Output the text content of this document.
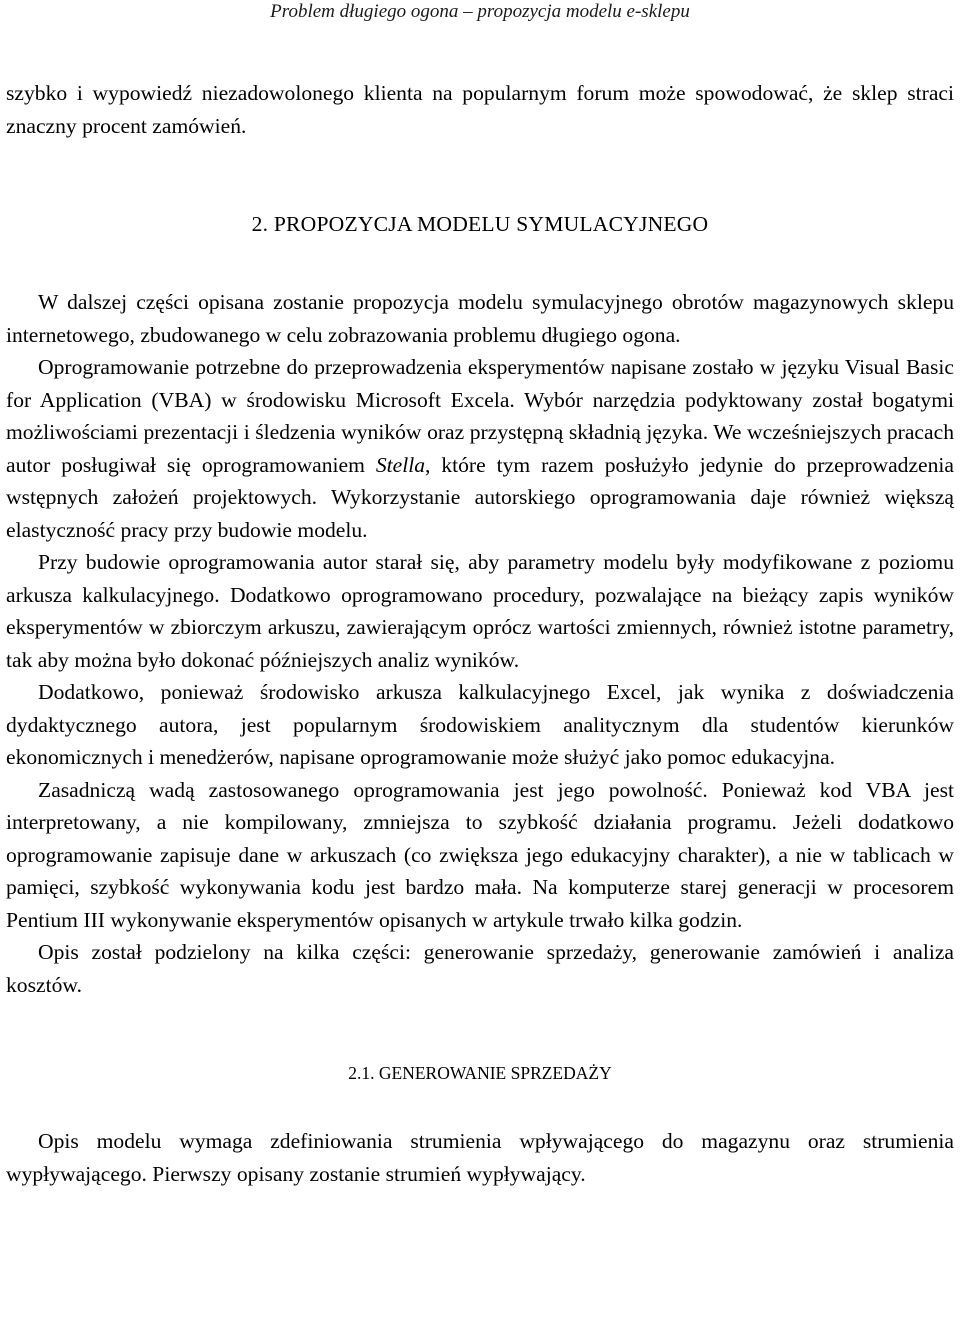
Problem długiego ogona – propozycja modelu e-sklepu

szybko i wypowiedź niezadowolonego klienta na popularnym forum może spowodować, że sklep straci znaczny procent zamówień.

2. PROPOZYCJA MODELU SYMULACYJNEGO

W dalszej części opisana zostanie propozycja modelu symulacyjnego obrotów magazynowych sklepu internetowego, zbudowanego w celu zobrazowania problemu długiego ogona.

Oprogramowanie potrzebne do przeprowadzenia eksperymentów napisane zostało w języku Visual Basic for Application (VBA) w środowisku Microsoft Excela. Wybór narzędzia podyktowany został bogatymi możliwościami prezentacji i śledzenia wyników oraz przystępną składnią języka. We wcześniejszych pracach autor posługiwał się oprogramowaniem Stella, które tym razem posłużyło jedynie do przeprowadzenia wstępnych założeń projektowych. Wykorzystanie autorskiego oprogramowania daje również większą elastyczność pracy przy budowie modelu.

Przy budowie oprogramowania autor starał się, aby parametry modelu były modyfikowane z poziomu arkusza kalkulacyjnego. Dodatkowo oprogramowano procedury, pozwalające na bieżący zapis wyników eksperymentów w zbiorczym arkuszu, zawierającym oprócz wartości zmiennych, również istotne parametry, tak aby można było dokonać późniejszych analiz wyników.

Dodatkowo, ponieważ środowisko arkusza kalkulacyjnego Excel, jak wynika z doświadczenia dydaktycznego autora, jest popularnym środowiskiem analitycznym dla studentów kierunków ekonomicznych i menedżerów, napisane oprogramowanie może służyć jako pomoc edukacyjna.

Zasadniczą wadą zastosowanego oprogramowania jest jego powolność. Ponieważ kod VBA jest interpretowany, a nie kompilowany, zmniejsza to szybkość działania programu. Jeżeli dodatkowo oprogramowanie zapisuje dane w arkuszach (co zwiększa jego edukacyjny charakter), a nie w tablicach w pamięci, szybkość wykonywania kodu jest bardzo mała. Na komputerze starej generacji w procesorem Pentium III wykonywanie eksperymentów opisanych w artykule trwało kilka godzin.

Opis został podzielony na kilka części: generowanie sprzedaży, generowanie zamówień i analiza kosztów.

2.1. GENEROWANIE SPRZEDAŻY

Opis modelu wymaga zdefiniowania strumienia wpływającego do magazynu oraz strumienia wypływającego. Pierwszy opisany zostanie strumień wypływający.
